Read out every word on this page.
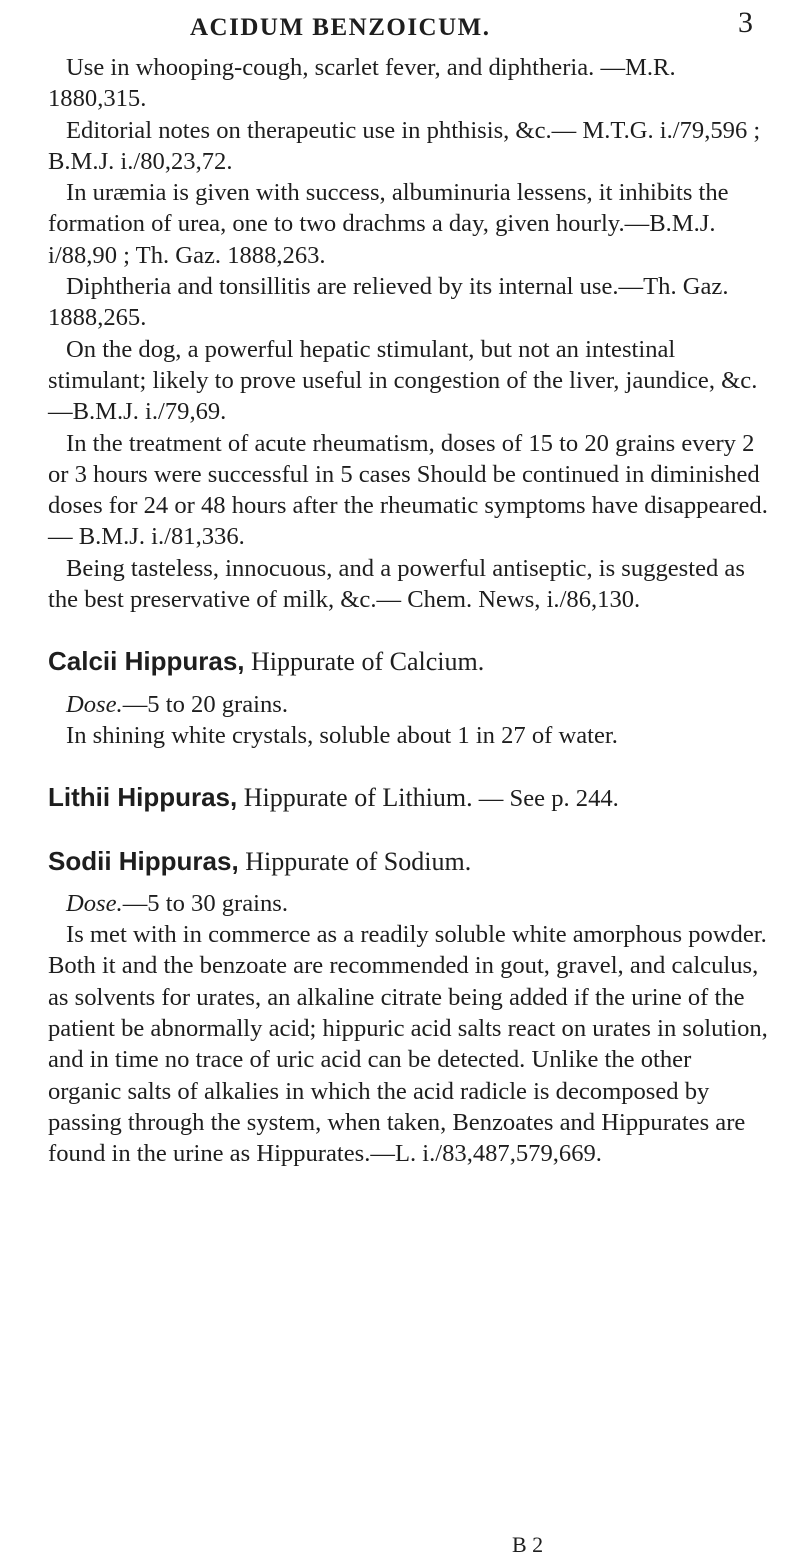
ACIDUM BENZOICUM.	3

Use in whooping-cough, scarlet fever, and diphtheria. —M.R. 1880,315.

Editorial notes on therapeutic use in phthisis, &c.— M.T.G. i./79,596 ; B.M.J. i./80,23,72.

In uræmia is given with success, albuminuria lessens, it inhibits the formation of urea, one to two drachms a day, given hourly.—B.M.J. i/88,90 ; Th. Gaz. 1888,263.

Diphtheria and tonsillitis are relieved by its internal use.—Th. Gaz. 1888,265.

On the dog, a powerful hepatic stimulant, but not an intestinal stimulant; likely to prove useful in congestion of the liver, jaundice, &c.—B.M.J. i./79,69.

In the treatment of acute rheumatism, doses of 15 to 20 grains every 2 or 3 hours were successful in 5 cases Should be continued in diminished doses for 24 or 48 hours after the rheumatic symptoms have disappeared.— B.M.J. i./81,336.

Being tasteless, innocuous, and a powerful antiseptic, is suggested as the best preservative of milk, &c.— Chem. News, i./86,130.

Calcii Hippuras, Hippurate of Calcium.

Dose.—5 to 20 grains.

In shining white crystals, soluble about 1 in 27 of water.

Lithii Hippuras, Hippurate of Lithium. — See p. 244.

Sodii Hippuras, Hippurate of Sodium.

Dose.—5 to 30 grains.

Is met with in commerce as a readily soluble white amorphous powder. Both it and the benzoate are recommended in gout, gravel, and calculus, as solvents for urates, an alkaline citrate being added if the urine of the patient be abnormally acid; hippuric acid salts react on urates in solution, and in time no trace of uric acid can be detected. Unlike the other organic salts of alkalies in which the acid radicle is decomposed by passing through the system, when taken, Benzoates and Hippurates are found in the urine as Hippurates.—L. i./83,487,579,669.

B 2
